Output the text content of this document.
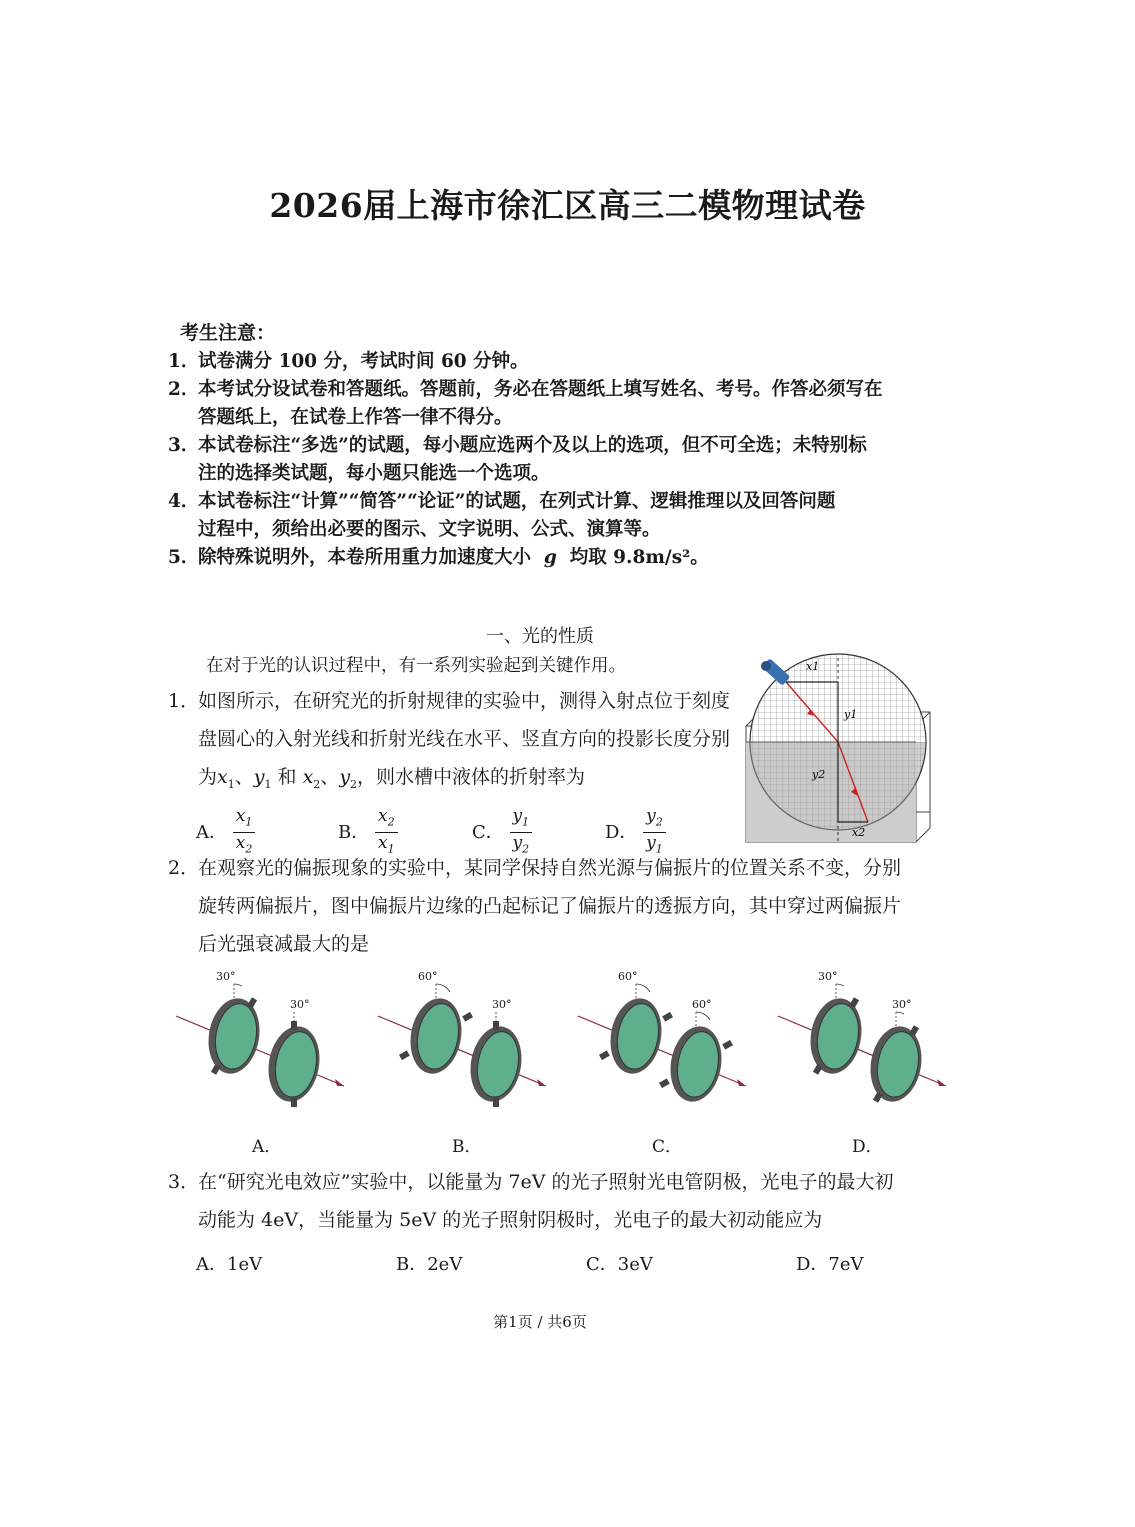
2026届上海市徐汇区高三二模物理试卷
考生注意：
1．试卷满分 100 分，考试时间 60 分钟。
2．本考试分设试卷和答题纸。答题前，务必在答题纸上填写姓名、考号。作答必须写在
答题纸上，在试卷上作答一律不得分。
3．本试卷标注“多选”的试题，每小题应选两个及以上的选项，但不可全选；未特别标
注的选择类试题，每小题只能选一个选项。
4．本试卷标注“计算”“简答”“论证”的试题，在列式计算、逻辑推理以及回答问题
过程中，须给出必要的图示、文字说明、公式、演算等。
5．除特殊说明外，本卷所用重力加速度大小 g 均取 9.8m/s²。
一、光的性质
在对于光的认识过程中，有一系列实验起到关键作用。
1．如图所示，在研究光的折射规律的实验中，测得入射点位于刻度
盘圆心的入射光线和折射光线在水平、竖直方向的投影长度分别
为$x_1$、$y_1$ 和 $x_2$、$y_2$，则水槽中液体的折射率为
A． $\frac{x_1}{x_2}$	B． $\frac{x_2}{x_1}$	C． $\frac{y_1}{y_2}$	D． $\frac{y_2}{y_1}$
x1
y1
y2
x2
2．在观察光的偏振现象的实验中，某同学保持自然光源与偏振片的位置关系不变，分别
旋转两偏振片，图中偏振片边缘的凸起标记了偏振片的透振方向，其中穿过两偏振片
后光强衰减最大的是
30°
30°
60°
30°
60°
60°
30°
30°
A．	B．	C．	D．
3．在“研究光电效应”实验中，以能量为 7eV 的光子照射光电管阴极，光电子的最大初
动能为 4eV，当能量为 5eV 的光子照射阴极时，光电子的最大初动能应为
A．1eV	B．2eV	C．3eV	D．7eV
第1页 / 共6页
